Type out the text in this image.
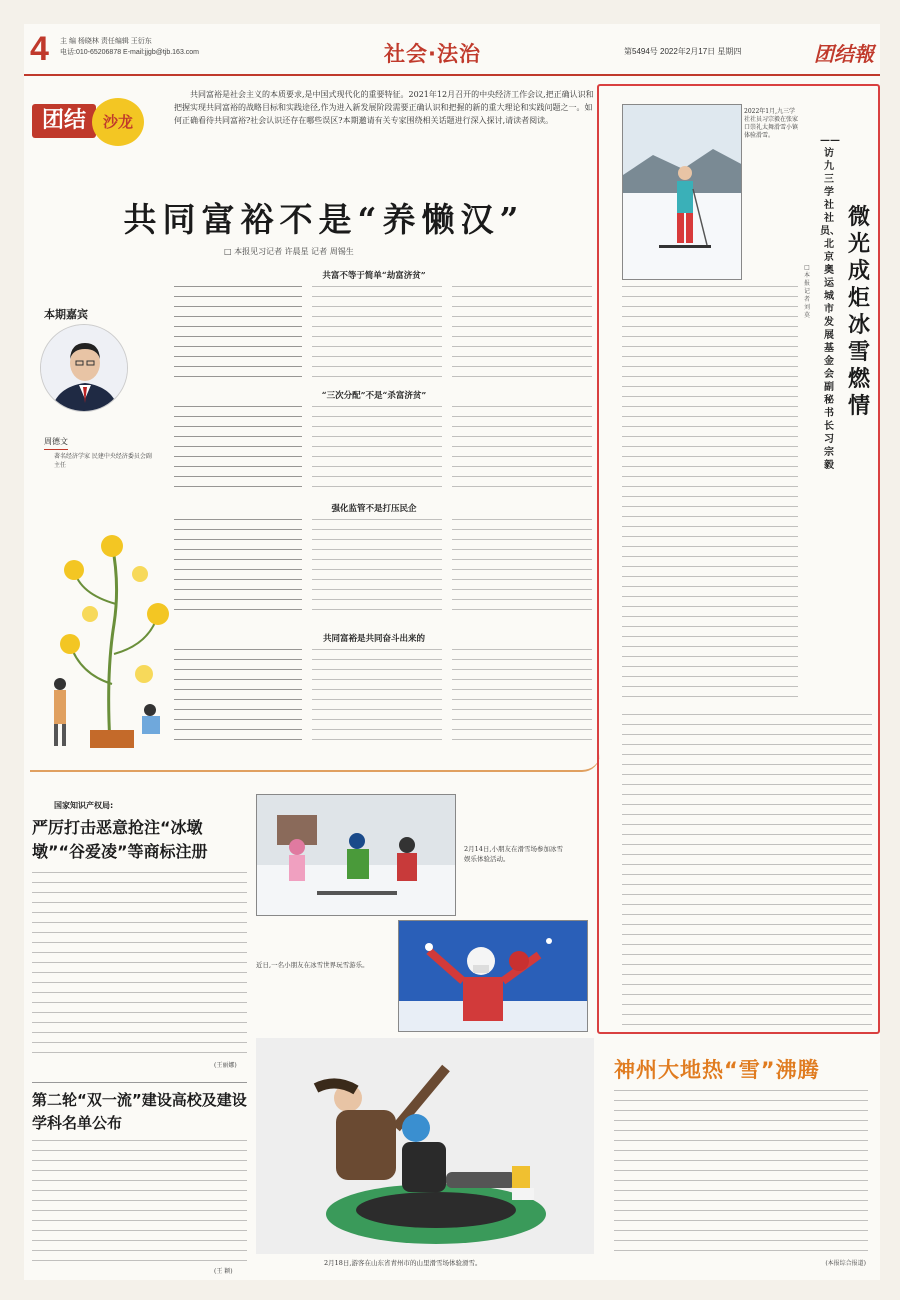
4 主 编 杨晓林 责任编辑 王衍东
电话:010-65206878 E-mail:jjgb@tjb.163.com	社会·法治	第5494号 2022年2月17日 星期四	团结報
团结	沙龙
共同富裕是社会主义的本质要求,是中国式现代化的重要特征。2021年12月召开的中央经济工作会议,把正确认识和把握实现共同富裕的战略目标和实践途径,作为进入新发展阶段需要正确认识和把握的新的重大理论和实践问题之一。如何正确看待共同富裕?社会认识还存在哪些误区?本期邀请有关专家围绕相关话题进行深入探讨,请读者阅读。
共同富裕不是“养懒汉”
□ 本报见习记者 许晨星 记者 周锡生
本期嘉宾
周德文
著名经济学家 民建中央经济委员会副主任
共富不等于简单“劫富济贫”
“三次分配”不是“杀富济贫”
强化监管不是打压民企
共同富裕是共同奋斗出来的
国家知识产权局:
严厉打击恶意抢注“冰墩墩”“谷爱凌”等商标注册
(王丽娜)
第二轮“双一流”建设高校及建设学科名单公布
(王 颖)
2月14日,小朋友在滑雪场参加冰雪娱乐体验活动。
近日,一名小朋友在冰雪世界玩雪游乐。
2月18日,游客在山东省青州市的山里滑雪场体验滑雪。
2022年1月,九三学社社员习宗毅在张家口崇礼太舞滑雪小镇体验滑雪。
微光成炬 冰雪燃情
——访九三学社社员、北京奥运城市发展基金会副秘书长习宗毅
□ 本报记者 刘 莫
神州大地热“雪”沸腾
(本报综合报道)
